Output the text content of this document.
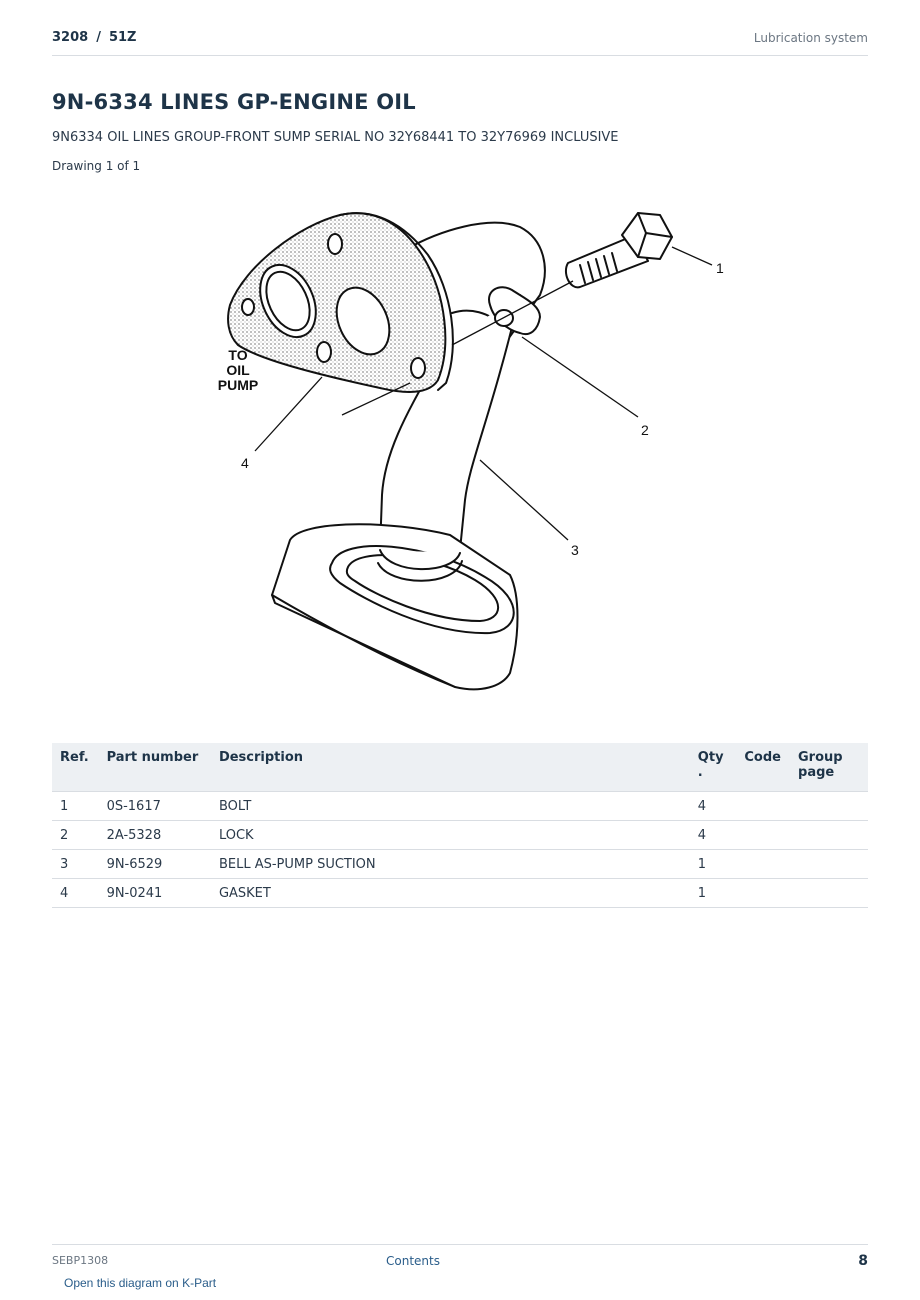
3208 / 51Z	Lubrication system
9N-6334 LINES GP-ENGINE OIL
9N6334 OIL LINES GROUP-FRONT SUMP SERIAL NO 32Y68441 TO 32Y76969 INCLUSIVE
Drawing 1 of 1
TO
OIL
PUMP
1
2
3
4
Ref.	Part number	Description	Qty .	Code	Group page
1	0S-1617	BOLT	4		
2	2A-5328	LOCK	4		
3	9N-6529	BELL AS-PUMP SUCTION	1		
4	9N-0241	GASKET	1		
SEBP1308	Contents	8
Open this diagram on K-Part
